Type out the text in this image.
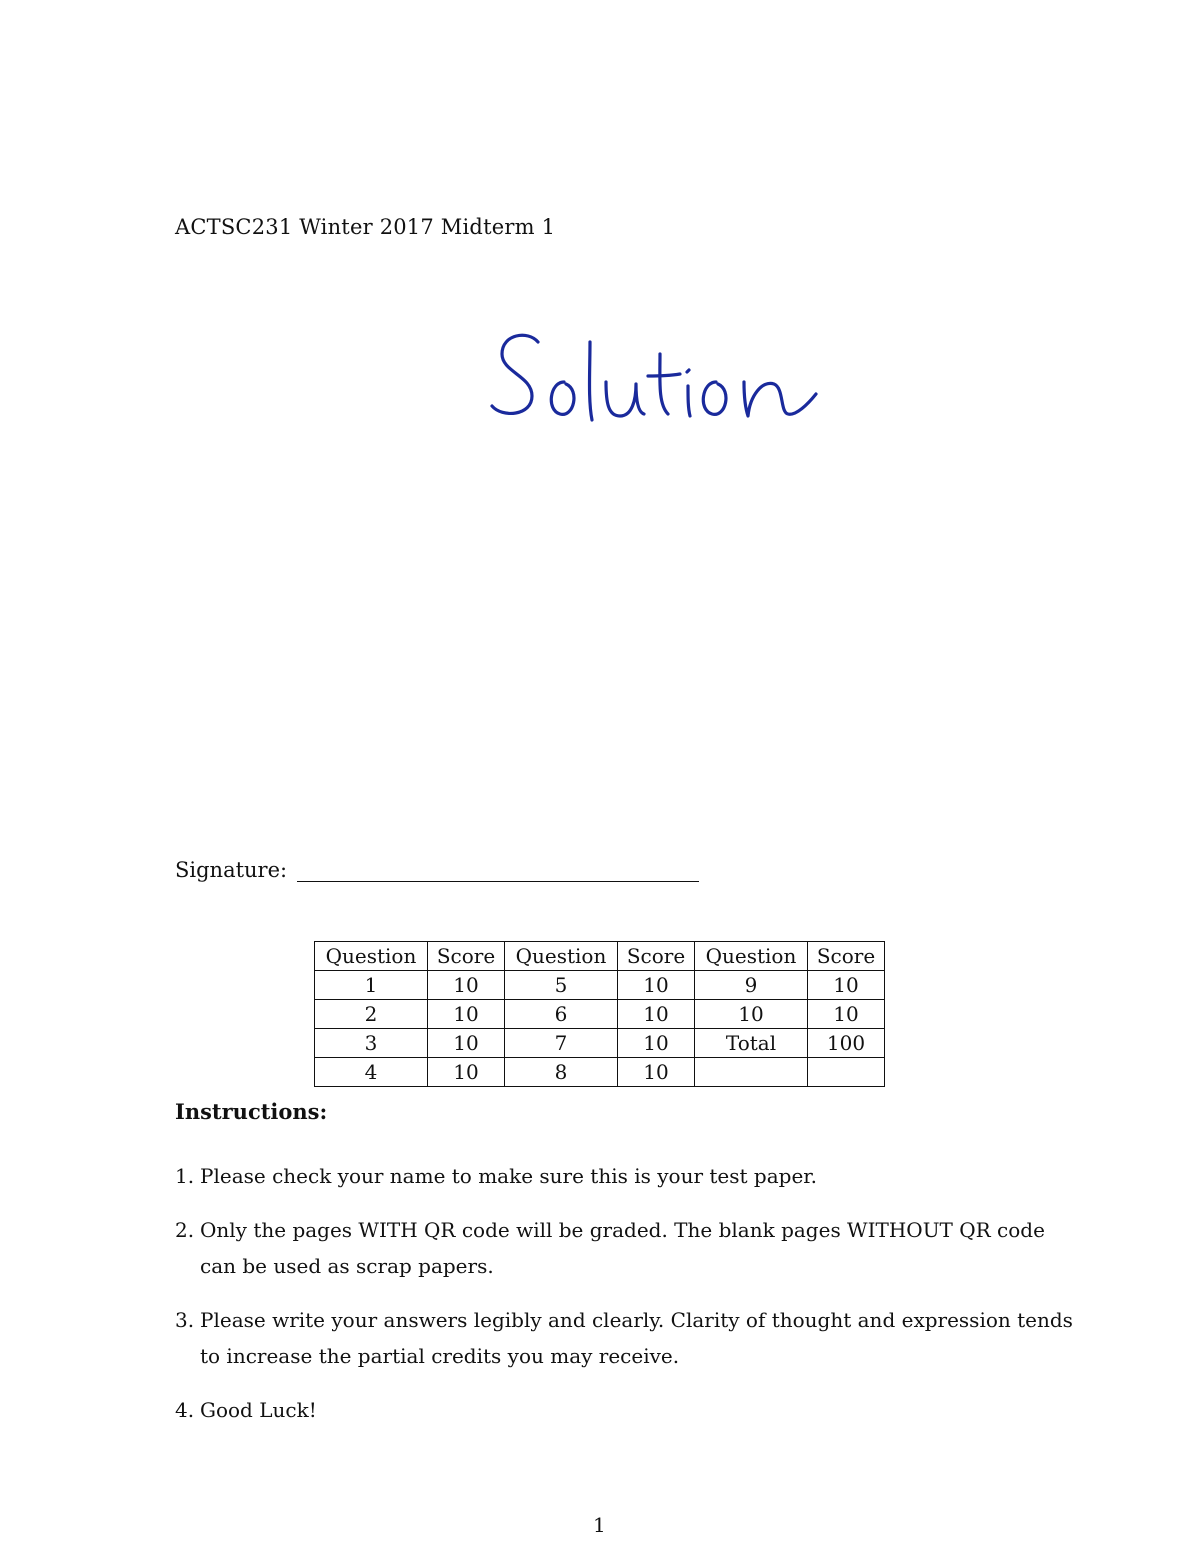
ACTSC231 Winter 2017 Midterm 1
Signature:
Question	Score	Question	Score	Question	Score
1	10	5	10	9	10
2	10	6	10	10	10
3	10	7	10	Total	100
4	10	8	10		
Instructions:
1. Please check your name to make sure this is your test paper.
2. Only the pages WITH QR code will be graded. The blank pages WITHOUT QR code can be used as scrap papers.
3. Please write your answers legibly and clearly. Clarity of thought and expression tends to increase the partial credits you may receive.
4. Good Luck!
1
